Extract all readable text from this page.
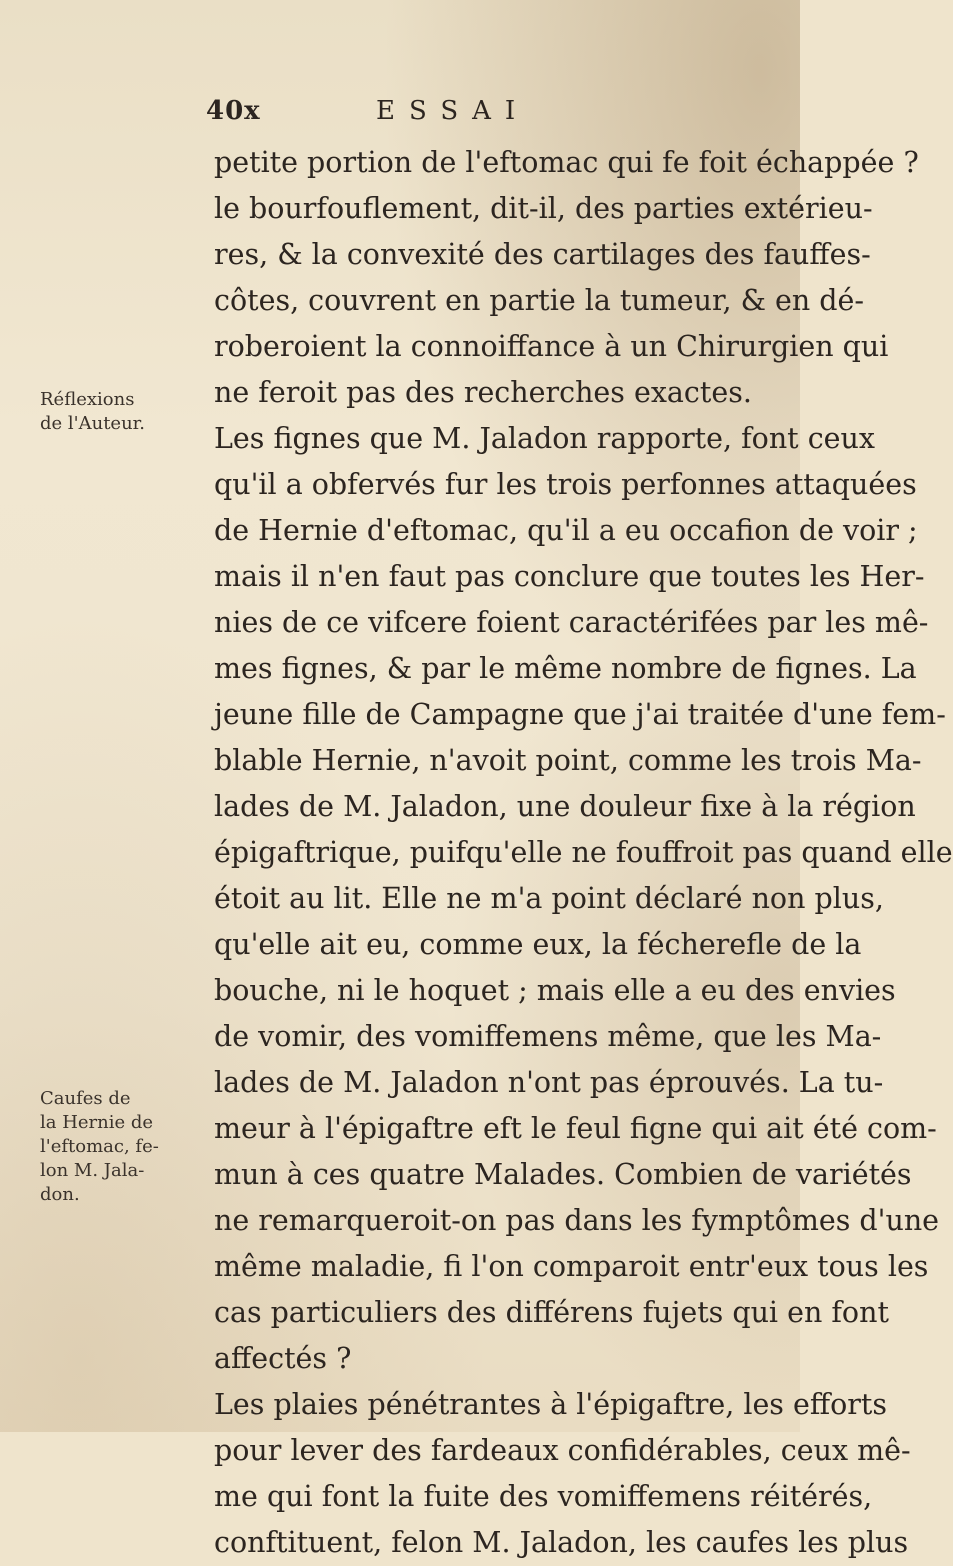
40x	ESSAI
Réflexions
de l'Auteur.
Caufes de
la Hernie de
l'eftomac, fe-
lon M. Jala-
don.
petite portion de l'eftomac qui fe foit échappée ?
le bourfouflement, dit-il, des parties extérieu-
res, & la convexité des cartilages des fauffes-
côtes, couvrent en partie la tumeur, & en dé-
roberoient la connoiffance à un Chirurgien qui
ne feroit pas des recherches exactes.
Les fignes que M. Jaladon rapporte, font ceux
qu'il a obfervés fur les trois perfonnes attaquées
de Hernie d'eftomac, qu'il a eu occafion de voir ;
mais il n'en faut pas conclure que toutes les Her-
nies de ce vifcere foient caractérifées par les mê-
mes fignes, & par le même nombre de fignes. La
jeune fille de Campagne que j'ai traitée d'une fem-
blable Hernie, n'avoit point, comme les trois Ma-
lades de M. Jaladon, une douleur fixe à la région
épigaftrique, puifqu'elle ne fouffroit pas quand elle
étoit au lit. Elle ne m'a point déclaré non plus,
qu'elle ait eu, comme eux, la fécherefle de la
bouche, ni le hoquet ; mais elle a eu des envies
de vomir, des vomiffemens même, que les Ma-
lades de M. Jaladon n'ont pas éprouvés. La tu-
meur à l'épigaftre eft le feul figne qui ait été com-
mun à ces quatre Malades. Combien de variétés
ne remarqueroit-on pas dans les fymptômes d'une
même maladie, fi l'on comparoit entr'eux tous les
cas particuliers des différens fujets qui en font
affectés ?
Les plaies pénétrantes à l'épigaftre, les efforts
pour lever des fardeaux confidérables, ceux mê-
me qui font la fuite des vomiffemens réitérés,
conftituent, felon M. Jaladon, les caufes les plus
